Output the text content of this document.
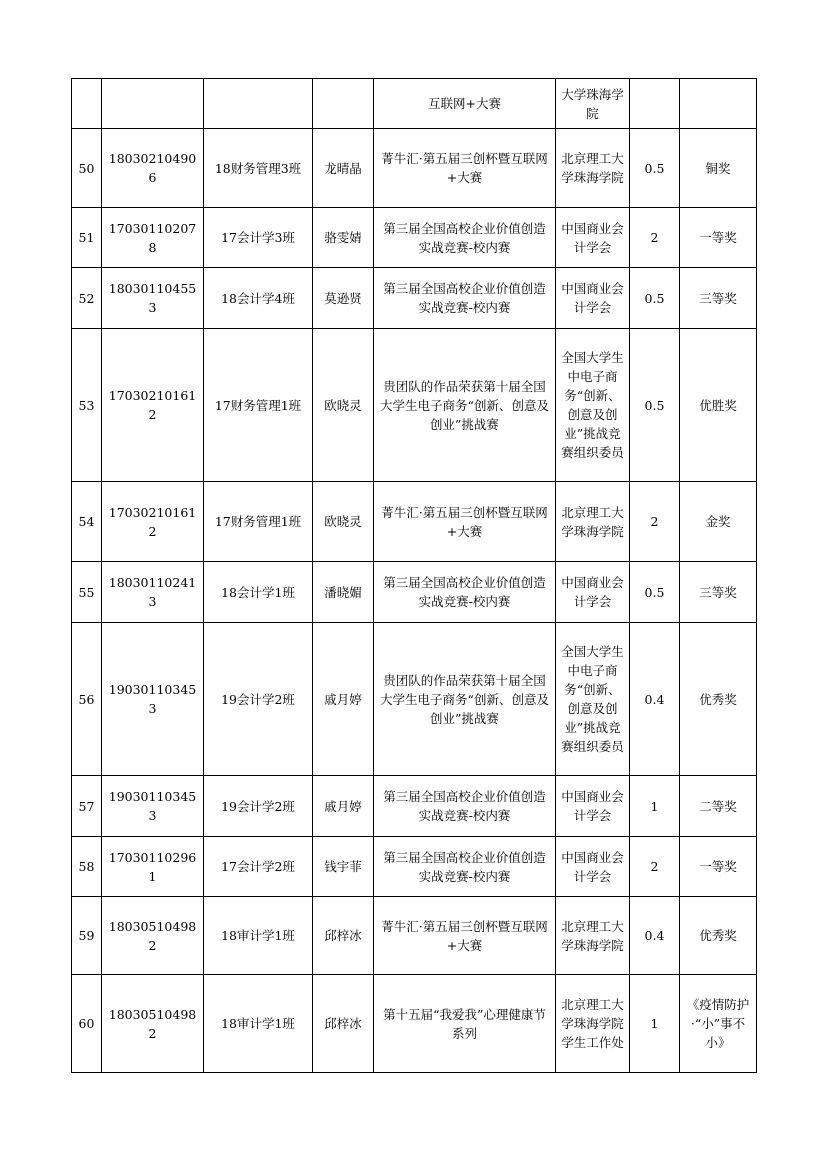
				互联网+大赛	大学珠海学院		
50	180302104906	18财务管理3班	龙晴晶	菁牛汇·第五届三创杯暨互联网+大赛	北京理工大学珠海学院	0.5	铜奖
51	170301102078	17会计学3班	骆雯婧	第三届全国高校企业价值创造实战竞赛-校内赛	中国商业会计学会	2	一等奖
52	180301104553	18会计学4班	莫逊贤	第三届全国高校企业价值创造实战竞赛-校内赛	中国商业会计学会	0.5	三等奖
53	170302101612	17财务管理1班	欧晓灵	贵团队的作品荣获第十届全国大学生电子商务“创新、创意及创业”挑战赛	全国大学生中电子商务“创新、创意及创业”挑战竞赛组织委员	0.5	优胜奖
54	170302101612	17财务管理1班	欧晓灵	菁牛汇·第五届三创杯暨互联网+大赛	北京理工大学珠海学院	2	金奖
55	180301102413	18会计学1班	潘晓媚	第三届全国高校企业价值创造实战竞赛-校内赛	中国商业会计学会	0.5	三等奖
56	190301103453	19会计学2班	戚月婷	贵团队的作品荣获第十届全国大学生电子商务“创新、创意及创业”挑战赛	全国大学生中电子商务“创新、创意及创业”挑战竞赛组织委员	0.4	优秀奖
57	190301103453	19会计学2班	戚月婷	第三届全国高校企业价值创造实战竞赛-校内赛	中国商业会计学会	1	二等奖
58	170301102961	17会计学2班	钱宇菲	第三届全国高校企业价值创造实战竞赛-校内赛	中国商业会计学会	2	一等奖
59	180305104982	18审计学1班	邱梓冰	菁牛汇·第五届三创杯暨互联网+大赛	北京理工大学珠海学院	0.4	优秀奖
60	180305104982	18审计学1班	邱梓冰	第十五届“我爱我”心理健康节系列	北京理工大学珠海学院学生工作处	1	《疫情防护·“小”事不小》
